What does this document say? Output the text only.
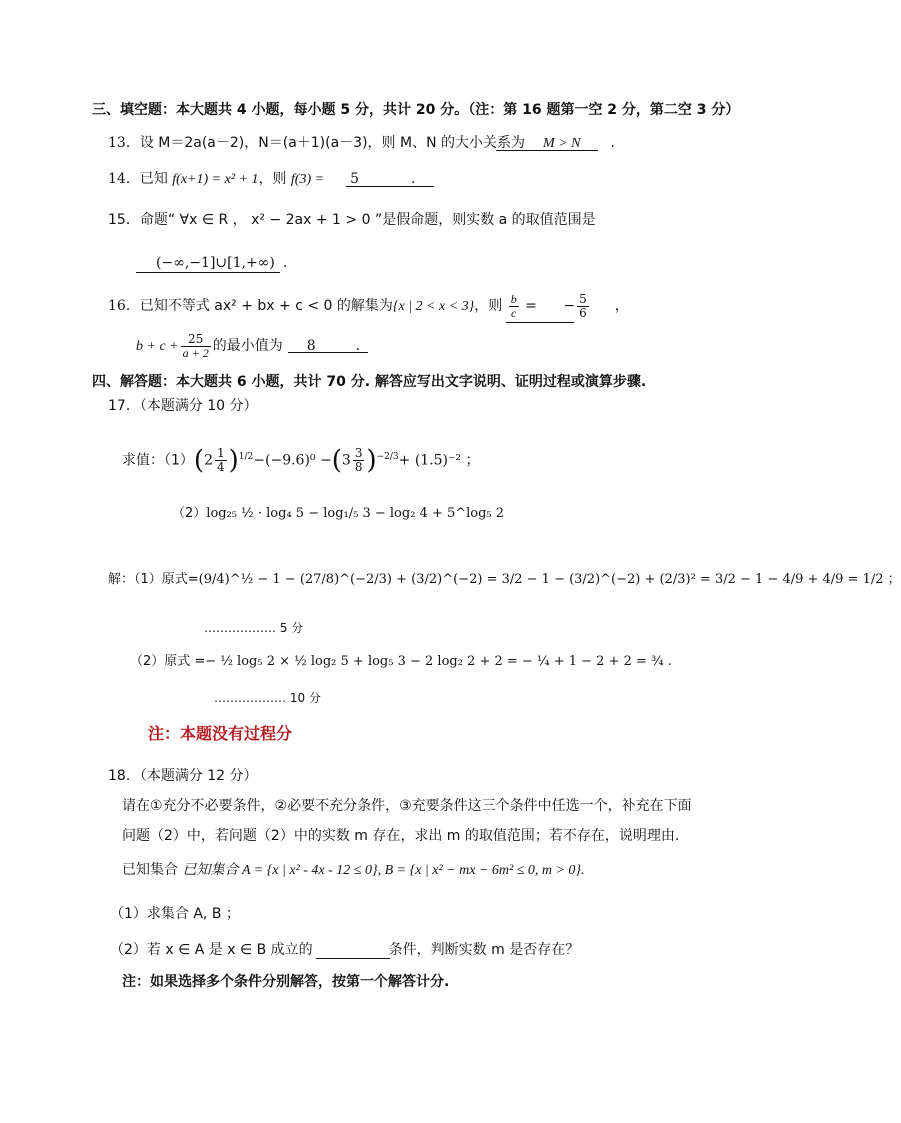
三、填空题：本大题共 4 小题，每小题 5 分，共计 20 分。（注：第 16 题第一空 2 分，第二空 3 分）
13．设 M＝2a(a－2)，N＝(a＋1)(a－3)，则 M、N 的大小关系为 M > N .
14．已知 f(x+1) = x² + 1，则 f(3) = 5	.
15．命题“ ∀x ∈ R ， x² − 2ax + 1 > 0 ”是假命题，则实数 a 的取值范围是
(−∞,−1]∪[1,+∞) .
16．已知不等式 ax² + bx + c < 0 的解集为{x | 2 < x < 3}，则 $\frac{b}{c}$ = − $\frac{5}{6}$ ，
$b + c + \frac{25}{a + 2}$ 的最小值为 8	.
四、解答题：本大题共 6 小题，共计 70 分. 解答应写出文字说明、证明过程或演算步骤.
17．（本题满分 10 分）
求值：$(1)(2 \frac{1}{4} )^{1/2}-(-9.6)^0 -(3 \frac{3}{8} )^{-2/3}+ (1.5)^{-2}$ ；
（2）log₂₅ ½ · log₄ 5 − log₁/₅ 3 − log₂ 4 + 5^log₅ 2
解：（1）原式=(9/4)^½ − 1 − (27/8)^(−2/3) + (3/2)^(−2) = 3/2 − 1 − (3/2)^(−2) + (2/3)² = 3/2 − 1 − 4/9 + 4/9 = 1/2 ；
……………… 5 分
（2）原式 =− ½ log₅ 2 × ½ log₂ 5 + log₅ 3 − 2 log₂ 2 + 2 = − ¼ + 1 − 2 + 2 = ¾ .
……………… 10 分
注：本题没有过程分
18．（本题满分 12 分）
请在①充分不必要条件，②必要不充分条件，③充要条件这三个条件中任选一个，补充在下面
问题（2）中，若问题（2）中的实数 m 存在，求出 m 的取值范围；若不存在，说明理由.
已知集合 已知集合 A = {x | x² - 4x - 12 ≤ 0}, B = {x | x² − mx − 6m² ≤ 0, m > 0}.
（1）求集合 A, B ；
（2）若 x ∈ A 是 x ∈ B 成立的	条件，判断实数 m 是否存在？
注：如果选择多个条件分别解答，按第一个解答计分.
